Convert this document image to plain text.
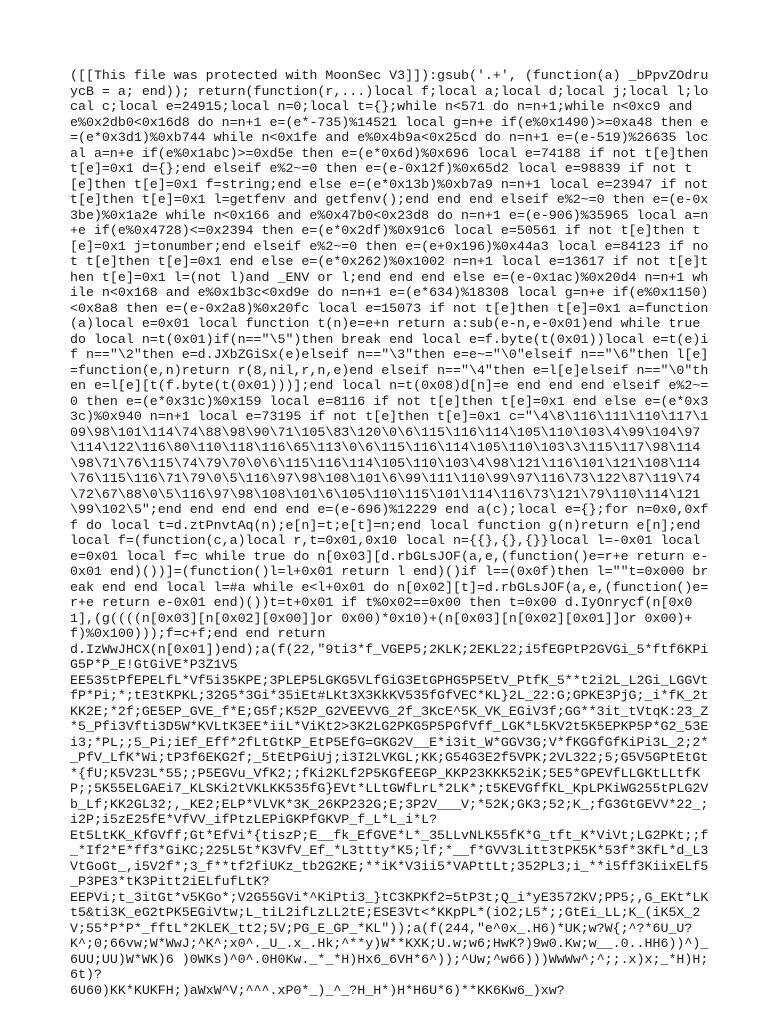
([[This file was protected with MoonSec V3]]):gsub('.+', (function(a) _bPpvZOdruycB = a; end)); return(function(r,...)local f;local a;local d;local j;local l;local c;local e=24915;local n=0;local t={};while n<571 do n=n+1;while n<0xc9 and e%0x2db0<0x16d8 do n=n+1 e=(e*-735)%14521 local g=n+e if(e%0x1490)>=0xa48 then e=(e*0x3d1)%0xb744 while n<0x1fe and e%0x4b9a<0x25cd do n=n+1 e=(e-519)%26635 local a=n+e if(e%0x1abc)>=0xd5e then e=(e*0x6d)%0x696 local e=74188 if not t[e]then t[e]=0x1 d={};end elseif e%2~=0 then e=(e-0x12f)%0x65d2 local e=98839 if not t[e]then t[e]=0x1 f=string;end else e=(e*0x13b)%0xb7a9 n=n+1 local e=23947 if not t[e]then t[e]=0x1 l=getfenv and getfenv();end end end elseif e%2~=0 then e=(e-0x3be)%0x1a2e while n<0x166 and e%0x47b0<0x23d8 do n=n+1 e=(e-906)%35965 local a=n+e if(e%0x4728)<=0x2394 then e=(e*0x2df)%0x91c6 local e=50561 if not t[e]then t[e]=0x1 j=tonumber;end elseif e%2~=0 then e=(e+0x196)%0x44a3 local e=84123 if not t[e]then t[e]=0x1 end else e=(e*0x262)%0x1002 n=n+1 local e=13617 if not t[e]then t[e]=0x1 l=(not l)and _ENV or l;end end end else e=(e-0x1ac)%0x20d4 n=n+1 while n<0x168 and e%0x1b3c<0xd9e do n=n+1 e=(e*634)%18308 local g=n+e if(e%0x1150)<0x8a8 then e=(e-0x2a8)%0x20fc local e=15073 if not t[e]then t[e]=0x1 a=function(a)local e=0x01 local function t(n)e=e+n return a:sub(e-n,e-0x01)end while true do local n=t(0x01)if(n=="\5")then break end local e=f.byte(t(0x01))local e=t(e)if n=="\2"then e=d.JXbZGiSx(e)elseif n=="\3"then e=e~="\0"elseif n=="\6"then l[e]=function(e,n)return r(8,nil,r,n,e)end elseif n=="\4"then e=l[e]elseif n=="\0"then e=l[e][t(f.byte(t(0x01)))];end local n=t(0x08)d[n]=e end end end elseif e%2~=0 then e=(e*0x31c)%0x159 local e=8116 if not t[e]then t[e]=0x1 end else e=(e*0x33c)%0x940 n=n+1 local e=73195 if not t[e]then t[e]=0x1 c="\4\8\116\111\110\117\109\98\101\114\74\88\98\90\71\105\83\120\0\6\115\116\114\105\110\103\4\99\104\97\114\122\116\80\110\118\116\65\113\0\6\115\116\114\105\110\103\3\115\117\98\114\98\71\76\115\74\79\70\0\6\115\116\114\105\110\103\4\98\121\116\101\121\108\114\76\115\116\71\79\0\5\116\97\98\108\101\6\99\111\110\99\97\116\73\122\87\119\74\72\67\88\0\5\116\97\98\108\101\6\105\110\115\101\114\116\73\121\79\110\114\121\99\102\5";end end end end end e=(e-696)%12229 end a(c);local e={};for n=0x0,0xff do local t=d.ztPnvtAq(n);e[n]=t;e[t]=n;end local function g(n)return e[n];end local f=(function(c,a)local r,t=0x01,0x10 local n={{},{},{}}local l=-0x01 local e=0x01 local f=c while true do n[0x03][d.rbGLsJOF(a,e,(function()e=r+e return e-0x01 end)())]=(function()l=l+0x01 return l end)()if l==(0x0f)then l=""t=0x000 break end end local l=#a while e<l+0x01 do n[0x02][t]=d.rbGLsJOF(a,e,(function()e=r+e return e-0x01 end)())t=t+0x01 if t%0x02==0x00 then t=0x00 d.IyOnrycf(n[0x01],(g((((n[0x03][n[0x02][0x00]]or 0x00)*0x10)+(n[0x03][n[0x02][0x01]]or 0x00)+f)%0x100)));f=c+f;end end return
d.IzWwJHCX(n[0x01])end);a(f(22,"9ti3*f_VGEP5;2KLK;2EKL22;i5fEGPtP2GVGi_5*ftf6KPiG5P*P_E!GtGiVE*P3Z1V5
EE535tPfEPELfL*Vf5i35KPE;3PLEP5LGKG5VLfGiG3EtGPHG5P5EtV_PtfK_5**t2i2L_L2Gi_LGGVtfP*Pi;*;tE3tKPKL;32G5*3Gi*35iEt#LKt3X3KkKV535fGfVEC*KL}2L_22:G;GPKE3PjG;_i*fK_2tKK2E;*2f;GE5EP_GVE_f*E;G5f;K52P_G2VEEVVG_2f_3KcE^5K_VK_EGiV3f;GG**3it_tVtqK:23_Z*5_Pfi3Vfti3D5W*KVLtK3EE*iiL*ViKt2>3K2LG2PKG5P5PGfVff_LGK*L5KV2t5K5EPKP5P*G2_53Ei3;*PL;;5_Pi;iEf_Eff*2fLtGtKP_EtP5EfG=GKG2V__E*i3it_W*GGV3G;V*fKGGfGfKiPi3L_2;2*_PfV_LfK*Wi;tP3f6EKG2f;_5tEtPGiUj;i3I2LVKGL;KK;G54G3E2f5VPK;2VL322;5;G5V5GPtEtGt*{fU;K5V23L*55;;P5EGVu_VfK2;;fKi2KLf2P5KGfEEGP_KKP23KKK52iK;5E5*GPEVfLLGKtLLtfKP;;5K55ELGAEi7_KLSKi2tVKLKK535fG}EVt*LLtGWfLrL*2LK*;t5KEVGffKL_KpLPKiWG255tPLG2Vb_Lf;KK2GL32;,_KE2;ELP*VLVK*3K_26KP232G;E;3P2V___V;*52K;GK3;52;K_;fG3GtGEVV*22_;i2P;i5zE25fE*VfVV_ifPtzLEPiGKPfGKVP_f_L*L_i*L?
Et5LtKK_KfGVff;Gt*EfVi*{tiszP;E__fk_EfGVE*L*_35LLvNLK55fK*G_tft_K*ViVt;LG2PKt;;f_*If2*E*ff3*GiKC;225L5t*K3VfV_Ef_*L3ttty*K5;lf;*__f*GVV3Litt3tPK5K*53f*3KfL*d_L3VtGoGt_,i5V2f*;3_f**tf2fiUKz_tb2G2KE;**iK*V3ii5*VAPttLt;352PL3;i_**i5ff3KiixELf5_P3PE3*tK3Pitt2iELfufLtK?
EEPVi;t_3itGt*v5KGo*;V2G55GVi*^KiPti3_}tC3KPKf2=5tP3t;Q_i*yE3572KV;PP5;,G_EKt*LKt5&ti3K_eG2tPK5EGiVtw;L_tiL2ifLzLL2tE;ESE3Vt<*KKpPL*(iO2;L5*;;GtEi_LL;K_(iK5X_2V;55*P*P*_fftL*2KLEK_tt2;5V;PG_E_GP_*KL"));a(f(244,"e^0x_.H6)*UK;w?W{;^?*6U_U?
K^;0;66vw;W*WwJ;^K^;x0^._U_.x_.Hk;^**y)W**KXK;U.w;w6;HwK?)9w0.Kw;w__.0..HH6))^)_6UU;UU)W*WK)6 )0WKs)^0^.0H0Kw._*_*H)Hx6_6VH*6^));^Uw;^w66)))WwWw^;^;;.x)x;_*H)H;6t)?
6U60)KK*KUKFH;)aWxW^V;^^^.xP0*_)_^_?H_H*)H*H6U*6)**KK6Kw6_)xw?
